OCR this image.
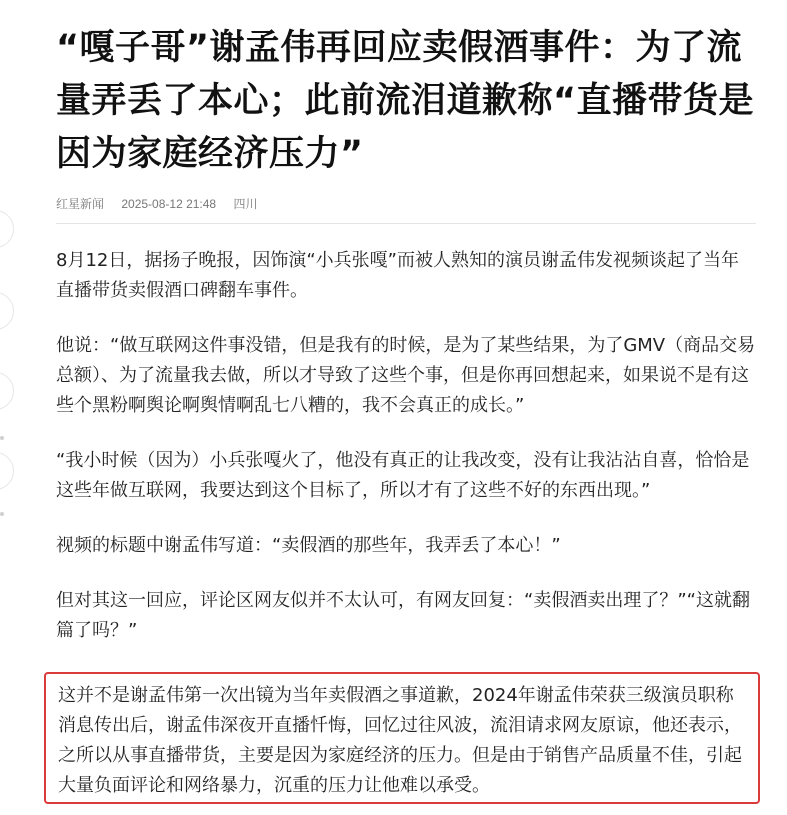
“嘎子哥”谢孟伟再回应卖假酒事件：为了流量弄丢了本心；此前流泪道歉称“直播带货是因为家庭经济压力”
红星新闻 2025-08-12 21:48 四川

8月12日，据扬子晚报，因饰演“小兵张嘎”而被人熟知的演员谢孟伟发视频谈起了当年直播带货卖假酒口碑翻车事件。

他说：“做互联网这件事没错，但是我有的时候，是为了某些结果，为了GMV（商品交易总额）、为了流量我去做，所以才导致了这些个事，但是你再回想起来，如果说不是有这些个黑粉啊舆论啊舆情啊乱七八糟的，我不会真正的成长。”

“我小时候（因为）小兵张嘎火了，他没有真正的让我改变，没有让我沾沾自喜，恰恰是这些年做互联网，我要达到这个目标了，所以才有了这些不好的东西出现。”

视频的标题中谢孟伟写道：“卖假酒的那些年，我弄丢了本心！”

但对其这一回应，评论区网友似并不太认可，有网友回复：“卖假酒卖出理了？”“这就翻篇了吗？”

这并不是谢孟伟第一次出镜为当年卖假酒之事道歉，2024年谢孟伟荣获三级演员职称消息传出后，谢孟伟深夜开直播忏悔，回忆过往风波，流泪请求网友原谅，他还表示，之所以从事直播带货，主要是因为家庭经济的压力。但是由于销售产品质量不佳，引起大量负面评论和网络暴力，沉重的压力让他难以承受。
